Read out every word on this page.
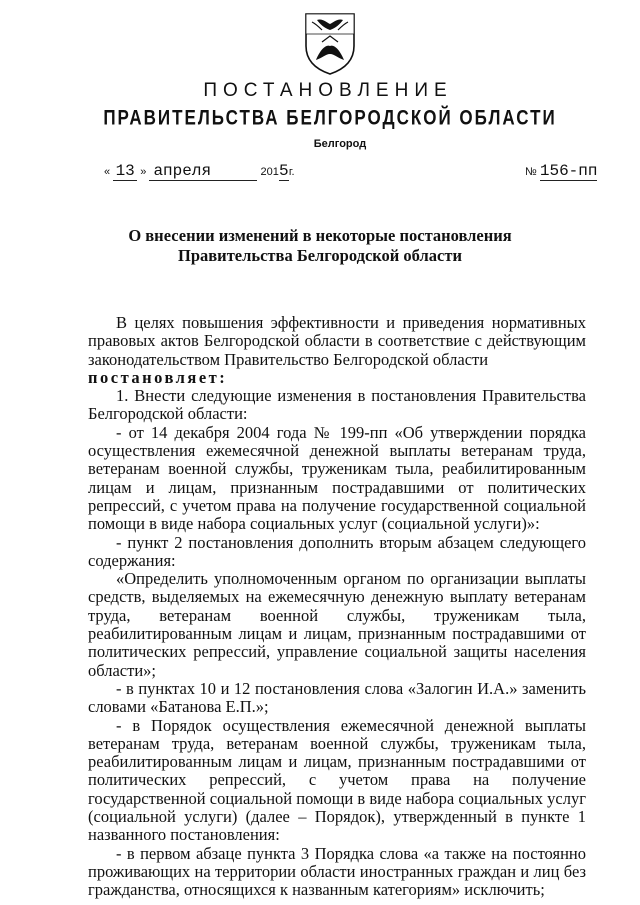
ПОСТАНОВЛЕНИЕ
ПРАВИТЕЛЬСТВА БЕЛГОРОДСКОЙ ОБЛАСТИ
Белгород
« 13 » апреля	2015г.	№ 156-пп
О внесении изменений в некоторые постановления
Правительства Белгородской области

В целях повышения эффективности и приведения нормативных правовых актов Белгородской области в соответствие с действующим законодательством Правительство Белгородской области

постановляет:

1. Внести следующие изменения в постановления Правительства Белгородской области:

- от 14 декабря 2004 года № 199-пп «Об утверждении порядка осуществления ежемесячной денежной выплаты ветеранам труда, ветеранам военной службы, труженикам тыла, реабилитированным лицам и лицам, признанным пострадавшими от политических репрессий, с учетом права на получение государственной социальной помощи в виде набора социальных услуг (социальной услуги)»:

- пункт 2 постановления дополнить вторым абзацем следующего содержания:

«Определить уполномоченным органом по организации выплаты средств, выделяемых на ежемесячную денежную выплату ветеранам труда, ветеранам военной службы, труженикам тыла, реабилитированным лицам и лицам, признанным пострадавшими от политических репрессий, управление социальной защиты населения области»;

- в пунктах 10 и 12 постановления слова «Залогин И.А.» заменить словами «Батанова Е.П.»;

- в Порядок осуществления ежемесячной денежной выплаты ветеранам труда, ветеранам военной службы, труженикам тыла, реабилитированным лицам и лицам, признанным пострадавшими от политических репрессий, с учетом права на получение государственной социальной помощи в виде набора социальных услуг (социальной услуги) (далее – Порядок), утвержденный в пункте 1 названного постановления:

- в первом абзаце пункта 3 Порядка слова «а также на постоянно проживающих на территории области иностранных граждан и лиц без гражданства, относящихся к названным категориям» исключить;
